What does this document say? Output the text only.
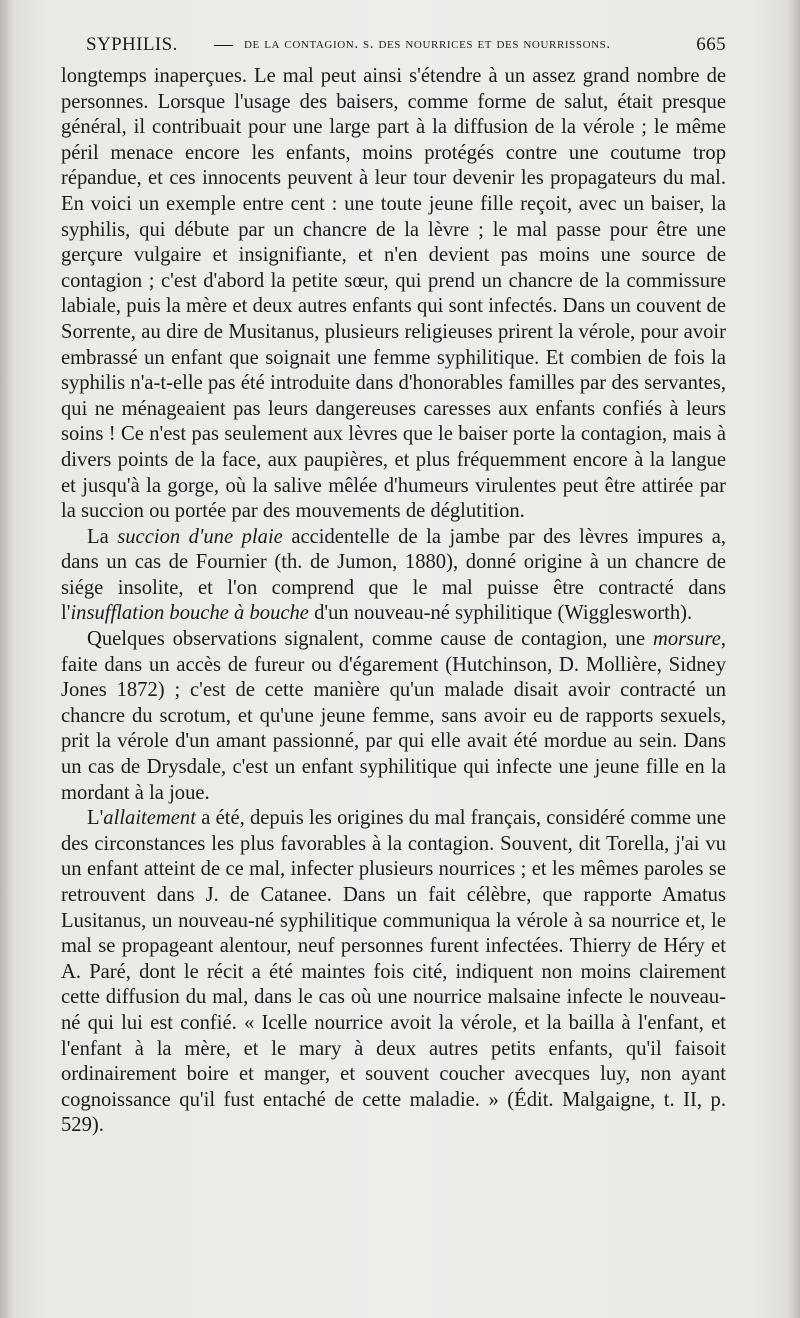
SYPHILIS. — de la contagion. s. des nourrices et des nourrissons.	665

longtemps inaperçues. Le mal peut ainsi s'étendre à un assez grand nombre de personnes. Lorsque l'usage des baisers, comme forme de salut, était presque général, il contribuait pour une large part à la diffusion de la vérole ; le même péril menace encore les enfants, moins protégés contre une coutume trop répandue, et ces innocents peuvent à leur tour devenir les propagateurs du mal. En voici un exemple entre cent : une toute jeune fille reçoit, avec un baiser, la syphilis, qui débute par un chancre de la lèvre ; le mal passe pour être une gerçure vulgaire et insignifiante, et n'en devient pas moins une source de contagion ; c'est d'abord la petite sœur, qui prend un chancre de la commissure labiale, puis la mère et deux autres enfants qui sont infectés. Dans un couvent de Sorrente, au dire de Musitanus, plusieurs religieuses prirent la vérole, pour avoir embrassé un enfant que soignait une femme syphilitique. Et combien de fois la syphilis n'a-t-elle pas été introduite dans d'honorables familles par des servantes, qui ne ménageaient pas leurs dangereuses caresses aux enfants confiés à leurs soins ! Ce n'est pas seulement aux lèvres que le baiser porte la contagion, mais à divers points de la face, aux paupières, et plus fréquemment encore à la langue et jusqu'à la gorge, où la salive mêlée d'humeurs virulentes peut être attirée par la succion ou portée par des mouvements de déglutition.

La succion d'une plaie accidentelle de la jambe par des lèvres impures a, dans un cas de Fournier (th. de Jumon, 1880), donné origine à un chancre de siége insolite, et l'on comprend que le mal puisse être contracté dans l'insufflation bouche à bouche d'un nouveau-né syphilitique (Wigglesworth).

Quelques observations signalent, comme cause de contagion, une morsure, faite dans un accès de fureur ou d'égarement (Hutchinson, D. Mollière, Sidney Jones 1872) ; c'est de cette manière qu'un malade disait avoir contracté un chancre du scrotum, et qu'une jeune femme, sans avoir eu de rapports sexuels, prit la vérole d'un amant passionné, par qui elle avait été mordue au sein. Dans un cas de Drysdale, c'est un enfant syphilitique qui infecte une jeune fille en la mordant à la joue.

L'allaitement a été, depuis les origines du mal français, considéré comme une des circonstances les plus favorables à la contagion. Souvent, dit Torella, j'ai vu un enfant atteint de ce mal, infecter plusieurs nourrices ; et les mêmes paroles se retrouvent dans J. de Catanee. Dans un fait célèbre, que rapporte Amatus Lusitanus, un nouveau-né syphilitique communiqua la vérole à sa nourrice et, le mal se propageant alentour, neuf personnes furent infectées. Thierry de Héry et A. Paré, dont le récit a été maintes fois cité, indiquent non moins clairement cette diffusion du mal, dans le cas où une nourrice malsaine infecte le nouveau-né qui lui est confié. « Icelle nourrice avoit la vérole, et la bailla à l'enfant, et l'enfant à la mère, et le mary à deux autres petits enfants, qu'il faisoit ordinairement boire et manger, et souvent coucher avecques luy, non ayant cognoissance qu'il fust entaché de cette maladie. » (Édit. Malgaigne, t. II, p. 529).
